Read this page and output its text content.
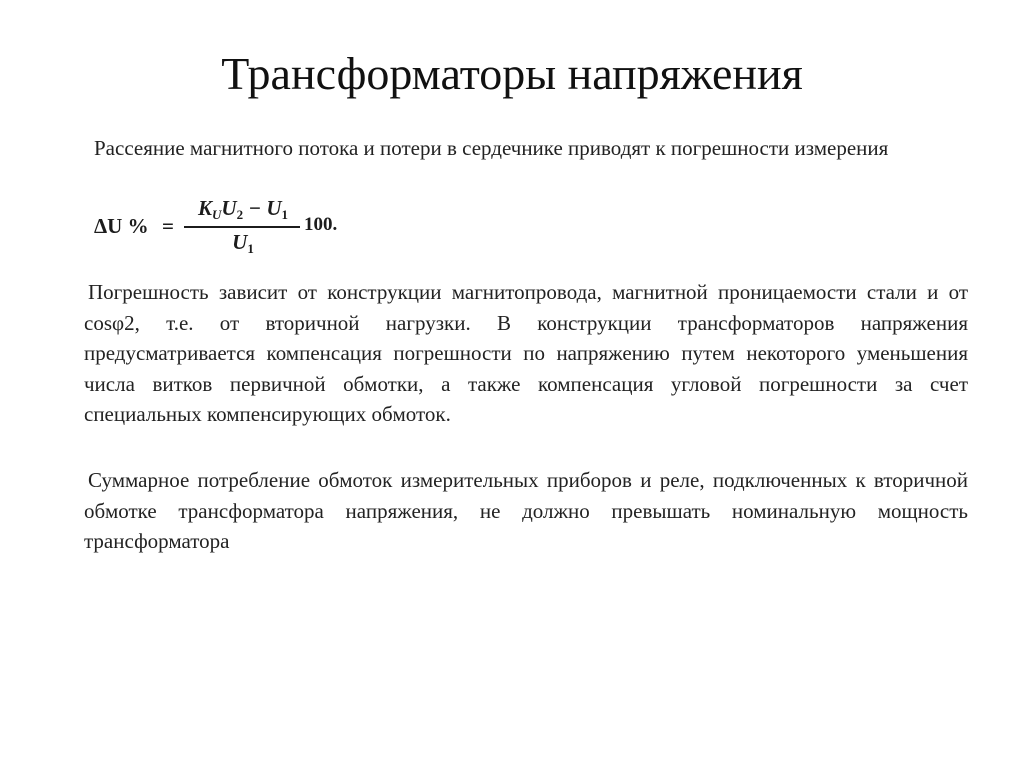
Трансформаторы напряжения

Рассеяние магнитного потока и потери в сердечнике приводят к погрешности измерения

ΔU % =
$K_UU_2 - U_1$
$U_1$
100.

Погрешность зависит от конструкции магнитопровода, магнитной проницаемости стали и от cosφ2, т.е. от вторичной нагрузки. В конструкции трансформаторов напряжения предусматривается компенсация погрешности по напряжению путем некоторого уменьшения числа витков первичной обмотки, а также компенсация угловой погрешности за счет специальных компенсирующих обмоток.

Суммарное потребление обмоток измерительных приборов и реле, подключенных к вторичной обмотке трансформатора напряжения, не должно превышать номинальную мощность трансформатора
